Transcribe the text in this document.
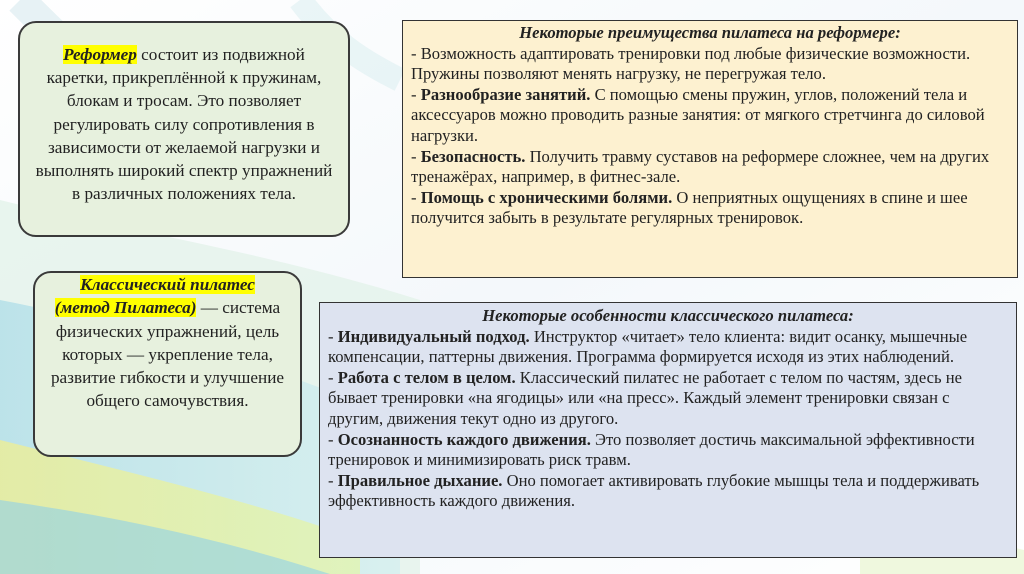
Реформер состоит из подвижной каретки, прикреплённой к пружинам, блокам и тросам. Это позволяет регулировать силу сопротивления в зависимости от желаемой нагрузки и выполнять широкий спектр упражнений в различных положениях тела.
Классический пилатес
(метод Пилатеса) — система физических упражнений, цель которых — укрепление тела, развитие гибкости и улучшение общего самочувствия.

Некоторые преимущества пилатеса на реформере:

- Возможность адаптировать тренировки под любые физические возможности. Пружины позволяют менять нагрузку, не перегружая тело.

- Разнообразие занятий. С помощью смены пружин, углов, положений тела и аксессуаров можно проводить разные занятия: от мягкого стретчинга до силовой нагрузки.

- Безопасность. Получить травму суставов на реформере сложнее, чем на других тренажёрах, например, в фитнес-зале.

- Помощь с хроническими болями. О неприятных ощущениях в спине и шее получится забыть в результате регулярных тренировок.

Некоторые особенности классического пилатеса:

- Индивидуальный подход. Инструктор «читает» тело клиента: видит осанку, мышечные компенсации, паттерны движения. Программа формируется исходя из этих наблюдений.

- Работа с телом в целом. Классический пилатес не работает с телом по частям, здесь не бывает тренировки «на ягодицы» или «на пресс». Каждый элемент тренировки связан с другим, движения текут одно из другого.

- Осознанность каждого движения. Это позволяет достичь максимальной эффективности тренировок и минимизировать риск травм.

- Правильное дыхание. Оно помогает активировать глубокие мышцы тела и поддерживать эффективность каждого движения.
